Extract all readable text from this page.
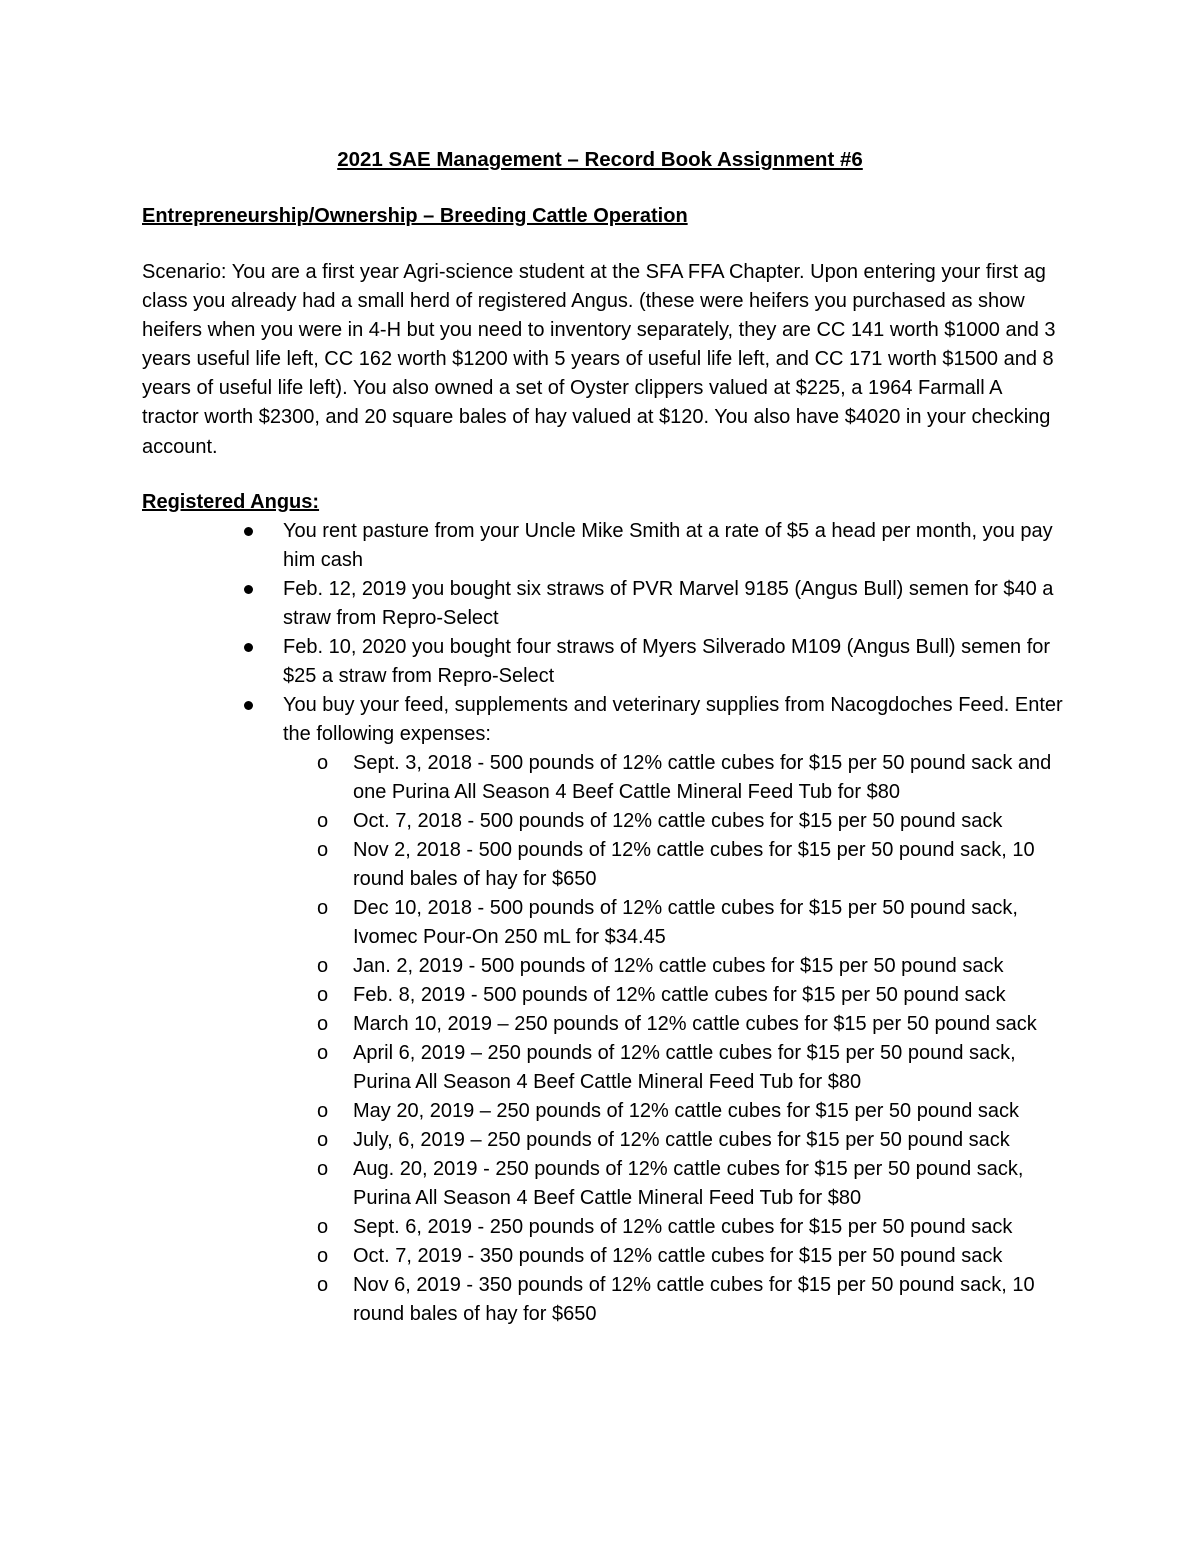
2021 SAE Management – Record Book Assignment #6
Entrepreneurship/Ownership – Breeding Cattle Operation

Scenario: You are a first year Agri-science student at the SFA FFA Chapter. Upon entering your first ag class you already had a small herd of registered Angus. (these were heifers you purchased as show heifers when you were in 4-H but you need to inventory separately, they are CC 141 worth $1000 and 3 years useful life left, CC 162 worth $1200 with 5 years of useful life left, and CC 171 worth $1500 and 8 years of useful life left). You also owned a set of Oyster clippers valued at $225, a 1964 Farmall A tractor worth $2300, and 20 square bales of hay valued at $120. You also have $4020 in your checking account.

Registered Angus:
You rent pasture from your Uncle Mike Smith at a rate of $5 a head per month, you pay him cash
Feb. 12, 2019 you bought six straws of PVR Marvel 9185 (Angus Bull) semen for $40 a straw from Repro-Select
Feb. 10, 2020 you bought four straws of Myers Silverado M109 (Angus Bull) semen for $25 a straw from Repro-Select
You buy your feed, supplements and veterinary supplies from Nacogdoches Feed. Enter the following expenses:
o Sept. 3, 2018 - 500 pounds of 12% cattle cubes for $15 per 50 pound sack and one Purina All Season 4 Beef Cattle Mineral Feed Tub for $80
o Oct. 7, 2018 - 500 pounds of 12% cattle cubes for $15 per 50 pound sack
o Nov 2, 2018 - 500 pounds of 12% cattle cubes for $15 per 50 pound sack, 10 round bales of hay for $650
o Dec 10, 2018 - 500 pounds of 12% cattle cubes for $15 per 50 pound sack, Ivomec Pour-On 250 mL for $34.45
o Jan. 2, 2019 - 500 pounds of 12% cattle cubes for $15 per 50 pound sack
o Feb. 8, 2019 - 500 pounds of 12% cattle cubes for $15 per 50 pound sack
o March 10, 2019 – 250 pounds of 12% cattle cubes for $15 per 50 pound sack
o April 6, 2019 – 250 pounds of 12% cattle cubes for $15 per 50 pound sack, Purina All Season 4 Beef Cattle Mineral Feed Tub for $80
o May 20, 2019 – 250 pounds of 12% cattle cubes for $15 per 50 pound sack
o July, 6, 2019 – 250 pounds of 12% cattle cubes for $15 per 50 pound sack
o Aug. 20, 2019 - 250 pounds of 12% cattle cubes for $15 per 50 pound sack, Purina All Season 4 Beef Cattle Mineral Feed Tub for $80
o Sept. 6, 2019 - 250 pounds of 12% cattle cubes for $15 per 50 pound sack
o Oct. 7, 2019 - 350 pounds of 12% cattle cubes for $15 per 50 pound sack
o Nov 6, 2019 - 350 pounds of 12% cattle cubes for $15 per 50 pound sack, 10 round bales of hay for $650
